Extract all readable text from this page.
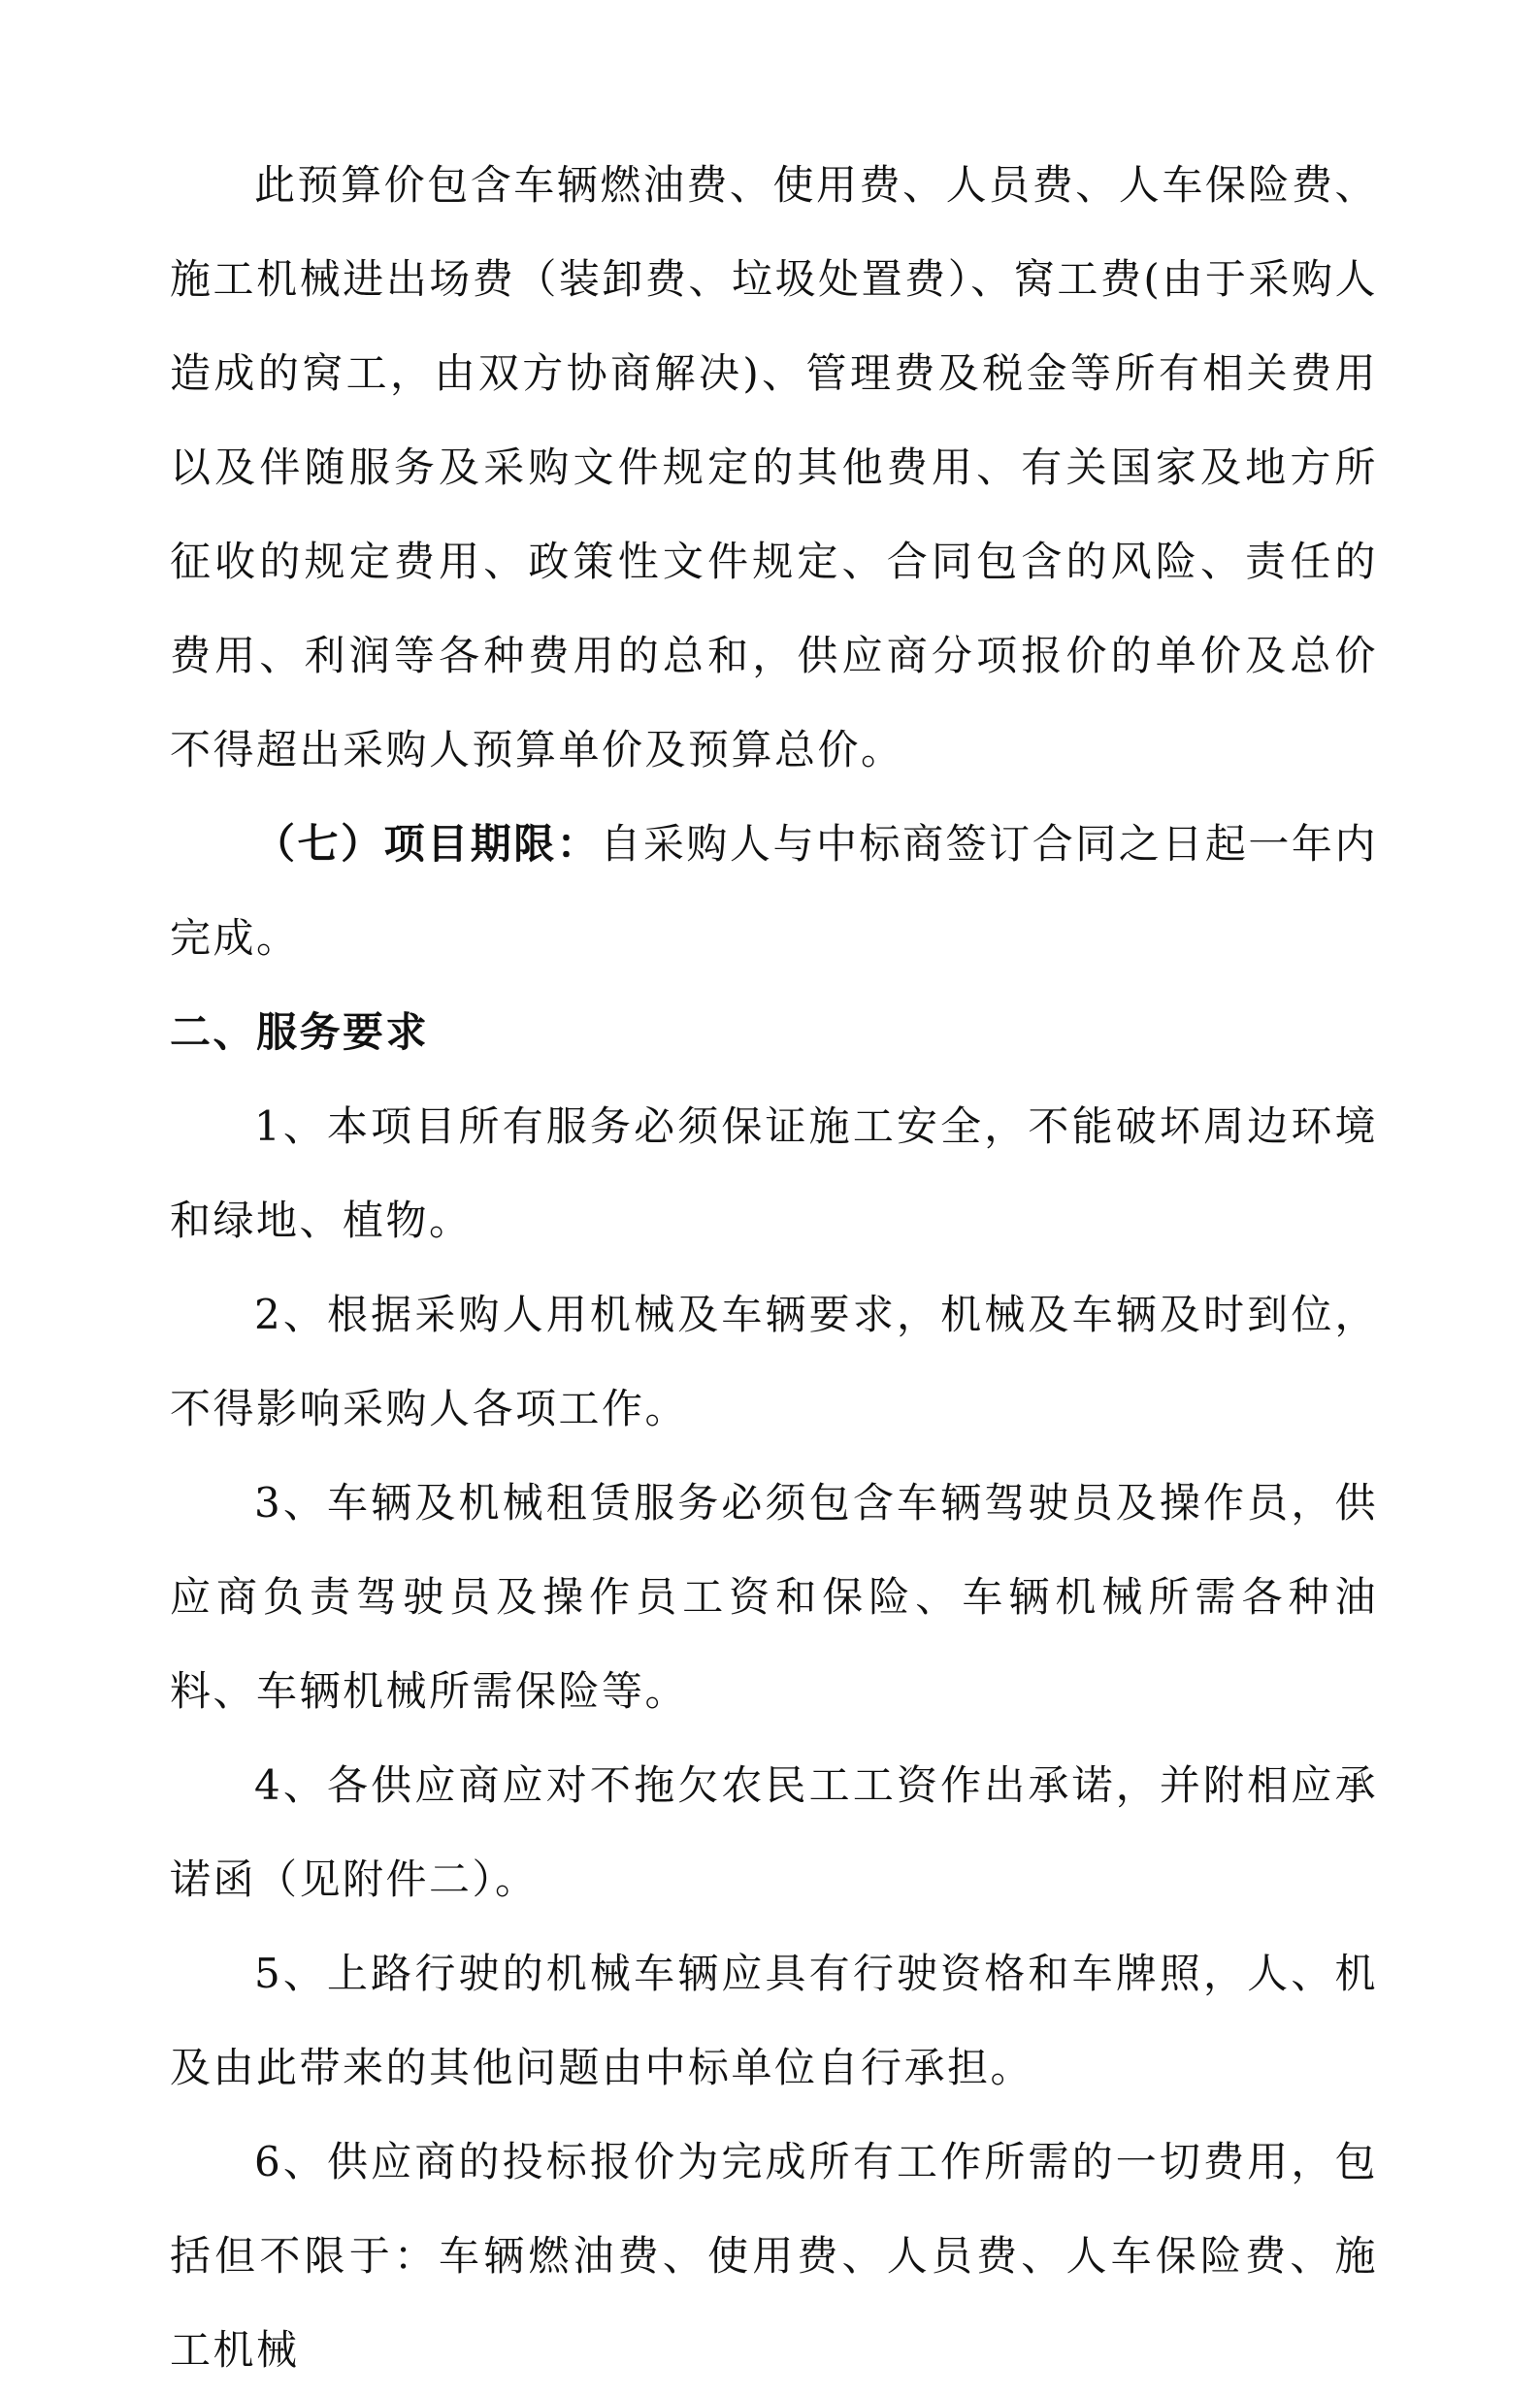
此预算价包含车辆燃油费、使用费、人员费、人车保险费、施工机械进出场费（装卸费、垃圾处置费）、窝工费(由于采购人造成的窝工，由双方协商解决)、管理费及税金等所有相关费用以及伴随服务及采购文件规定的其他费用、有关国家及地方所征收的规定费用、政策性文件规定、合同包含的风险、责任的费用、利润等各种费用的总和，供应商分项报价的单价及总价不得超出采购人预算单价及预算总价。

（七）项目期限：自采购人与中标商签订合同之日起一年内完成。

二、服务要求

1、本项目所有服务必须保证施工安全，不能破坏周边环境和绿地、植物。

2、根据采购人用机械及车辆要求，机械及车辆及时到位，不得影响采购人各项工作。

3、车辆及机械租赁服务必须包含车辆驾驶员及操作员，供应商负责驾驶员及操作员工资和保险、车辆机械所需各种油料、车辆机械所需保险等。

4、各供应商应对不拖欠农民工工资作出承诺，并附相应承诺函（见附件二）。

5、上路行驶的机械车辆应具有行驶资格和车牌照，人、机及由此带来的其他问题由中标单位自行承担。

6、供应商的投标报价为完成所有工作所需的一切费用，包括但不限于：车辆燃油费、使用费、人员费、人车保险费、施工机械
